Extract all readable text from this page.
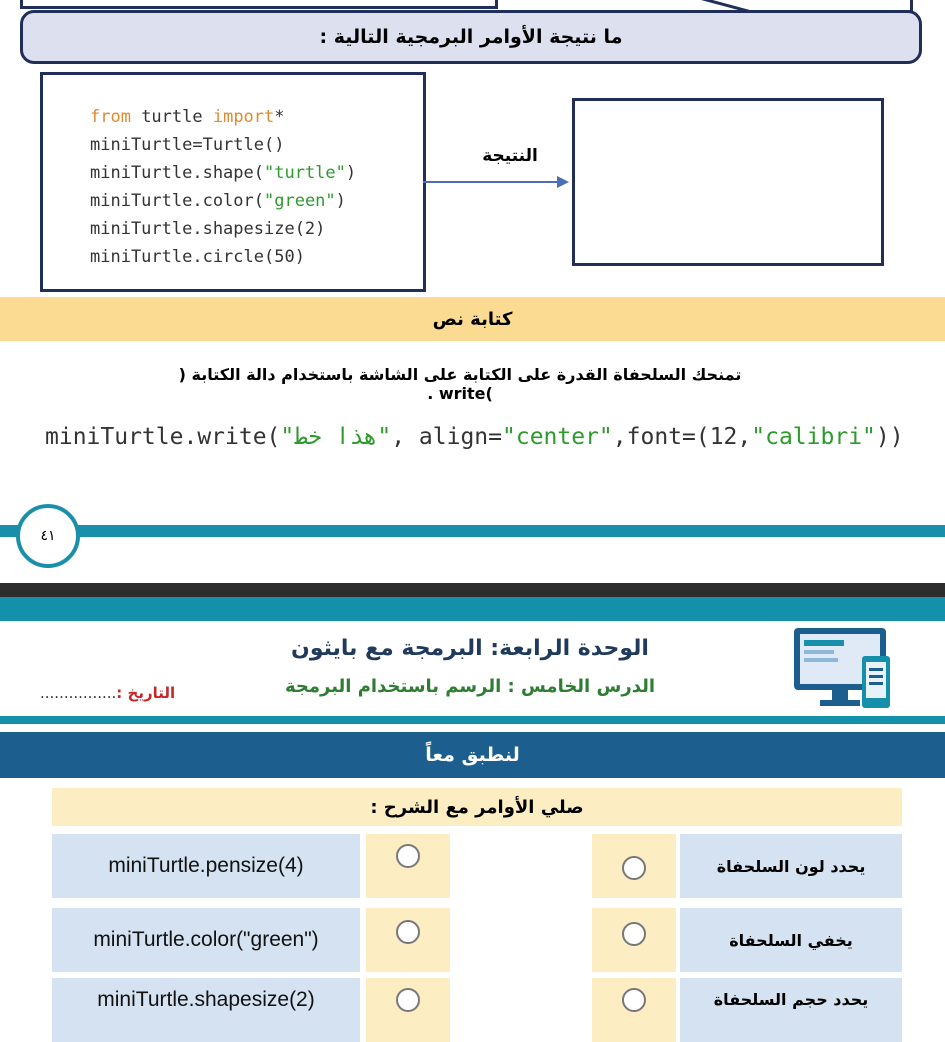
ما نتيجة الأوامر البرمجية التالية :
from turtle import*
miniTurtle=Turtle()
miniTurtle.shape("turtle")
miniTurtle.color("green")
miniTurtle.shapesize(2)
miniTurtle.circle(50)
النتيجة
كتابة نص
تمنحك السلحفاة القدرة على الكتابة على الشاشة باستخدام دالة الكتابة ( )write .
miniTurtle.write("هذا خط", align="center",font=(12,"calibri"))
٤١
الوحدة الرابعة: البرمجة مع بايثون
الدرس الخامس : الرسم باستخدام البرمجة
التاريخ :................
لنطبق معاً
صلي الأوامر مع الشرح :
miniTurtle.pensize(4)	يحدد لون السلحفاة
miniTurtle.color("green")	يخفي السلحفاة
miniTurtle.shapesize(2)	يحدد حجم السلحفاة
